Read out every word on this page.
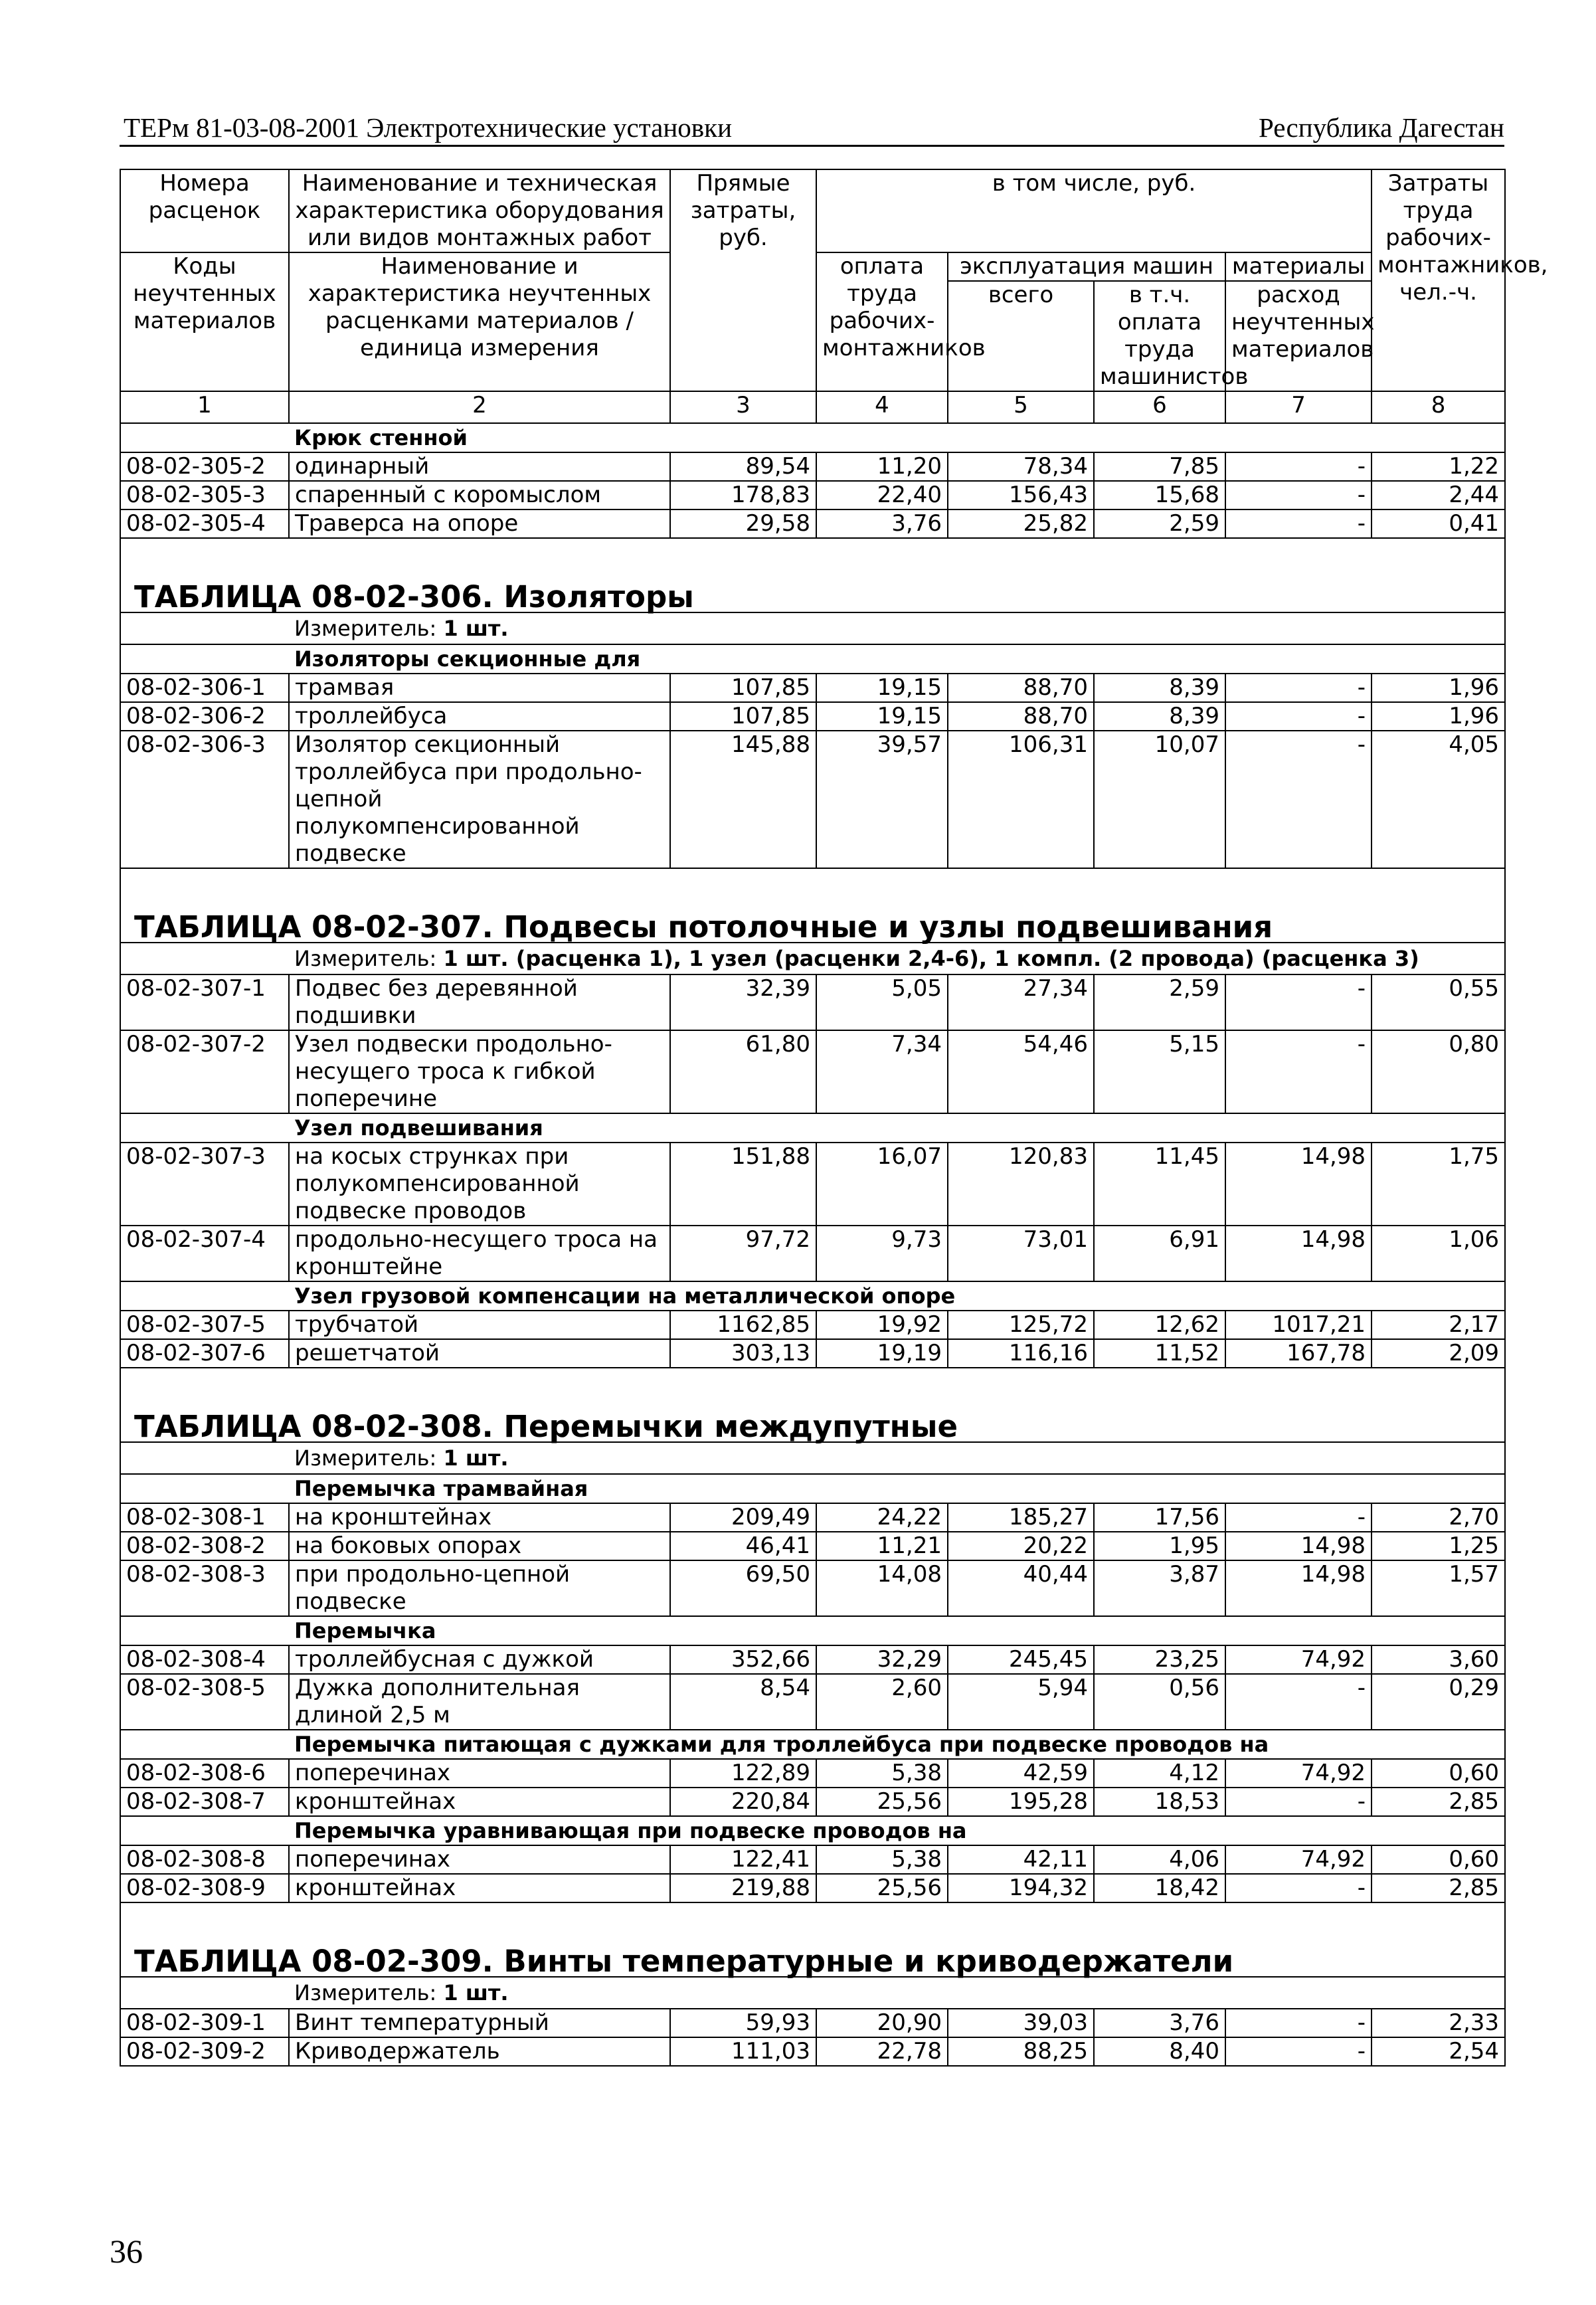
ТЕРм 81-03-08-2001 Электротехнические установки	Республика Дагестан
Номера расценок	Наименование и техническая характеристика оборудования или видов монтажных работ	Прямые затраты, руб.	в том числе, руб.				Затраты труда рабочих-монтажников, чел.-ч.
Коды неучтенных материалов	Наименование и характеристика неучтенных расценками материалов / единица измерения		оплата труда рабочих-монтажников	эксплуатация машин		материалы	
				всего	в т.ч. оплата труда машинистов	расход неучтенных материалов	
1	2	3	4	5	6	7	8
	Крюк стенной						
08-02-305-2	одинарный	89,54	11,20	78,34	7,85	-	1,22
08-02-305-3	спаренный с коромыслом	178,83	22,40	156,43	15,68	-	2,44
08-02-305-4	Траверса на опоре	29,58	3,76	25,82	2,59	-	0,41
ТАБЛИЦА 08-02-306. Изоляторы							
	Измеритель: 1 шт.						
	Изоляторы секционные для						
08-02-306-1	трамвая	107,85	19,15	88,70	8,39	-	1,96
08-02-306-2	троллейбуса	107,85	19,15	88,70	8,39	-	1,96
08-02-306-3	Изолятор секционный троллейбуса при продольно-цепной полукомпенсированной подвеске	145,88	39,57	106,31	10,07	-	4,05
ТАБЛИЦА 08-02-307. Подвесы потолочные и узлы подвешивания							
	Измеритель: 1 шт. (расценка 1), 1 узел (расценки 2,4-6), 1 компл. (2 провода) (расценка 3)						
08-02-307-1	Подвес без деревянной подшивки	32,39	5,05	27,34	2,59	-	0,55
08-02-307-2	Узел подвески продольно-несущего троса к гибкой поперечине	61,80	7,34	54,46	5,15	-	0,80
	Узел подвешивания						
08-02-307-3	на косых струнках при полукомпенсированной подвеске проводов	151,88	16,07	120,83	11,45	14,98	1,75
08-02-307-4	продольно-несущего троса на кронштейне	97,72	9,73	73,01	6,91	14,98	1,06
	Узел грузовой компенсации на металлической опоре						
08-02-307-5	трубчатой	1162,85	19,92	125,72	12,62	1017,21	2,17
08-02-307-6	решетчатой	303,13	19,19	116,16	11,52	167,78	2,09
ТАБЛИЦА 08-02-308. Перемычки междупутные							
	Измеритель: 1 шт.						
	Перемычка трамвайная						
08-02-308-1	на кронштейнах	209,49	24,22	185,27	17,56	-	2,70
08-02-308-2	на боковых опорах	46,41	11,21	20,22	1,95	14,98	1,25
08-02-308-3	при продольно-цепной подвеске	69,50	14,08	40,44	3,87	14,98	1,57
	Перемычка						
08-02-308-4	троллейбусная с дужкой	352,66	32,29	245,45	23,25	74,92	3,60
08-02-308-5	Дужка дополнительная длиной 2,5 м	8,54	2,60	5,94	0,56	-	0,29
	Перемычка питающая с дужками для троллейбуса при подвеске проводов на						
08-02-308-6	поперечинах	122,89	5,38	42,59	4,12	74,92	0,60
08-02-308-7	кронштейнах	220,84	25,56	195,28	18,53	-	2,85
	Перемычка уравнивающая при подвеске проводов на						
08-02-308-8	поперечинах	122,41	5,38	42,11	4,06	74,92	0,60
08-02-308-9	кронштейнах	219,88	25,56	194,32	18,42	-	2,85
ТАБЛИЦА 08-02-309. Винты температурные и криводержатели							
	Измеритель: 1 шт.						
08-02-309-1	Винт температурный	59,93	20,90	39,03	3,76	-	2,33
08-02-309-2	Криводержатель	111,03	22,78	88,25	8,40	-	2,54
36
